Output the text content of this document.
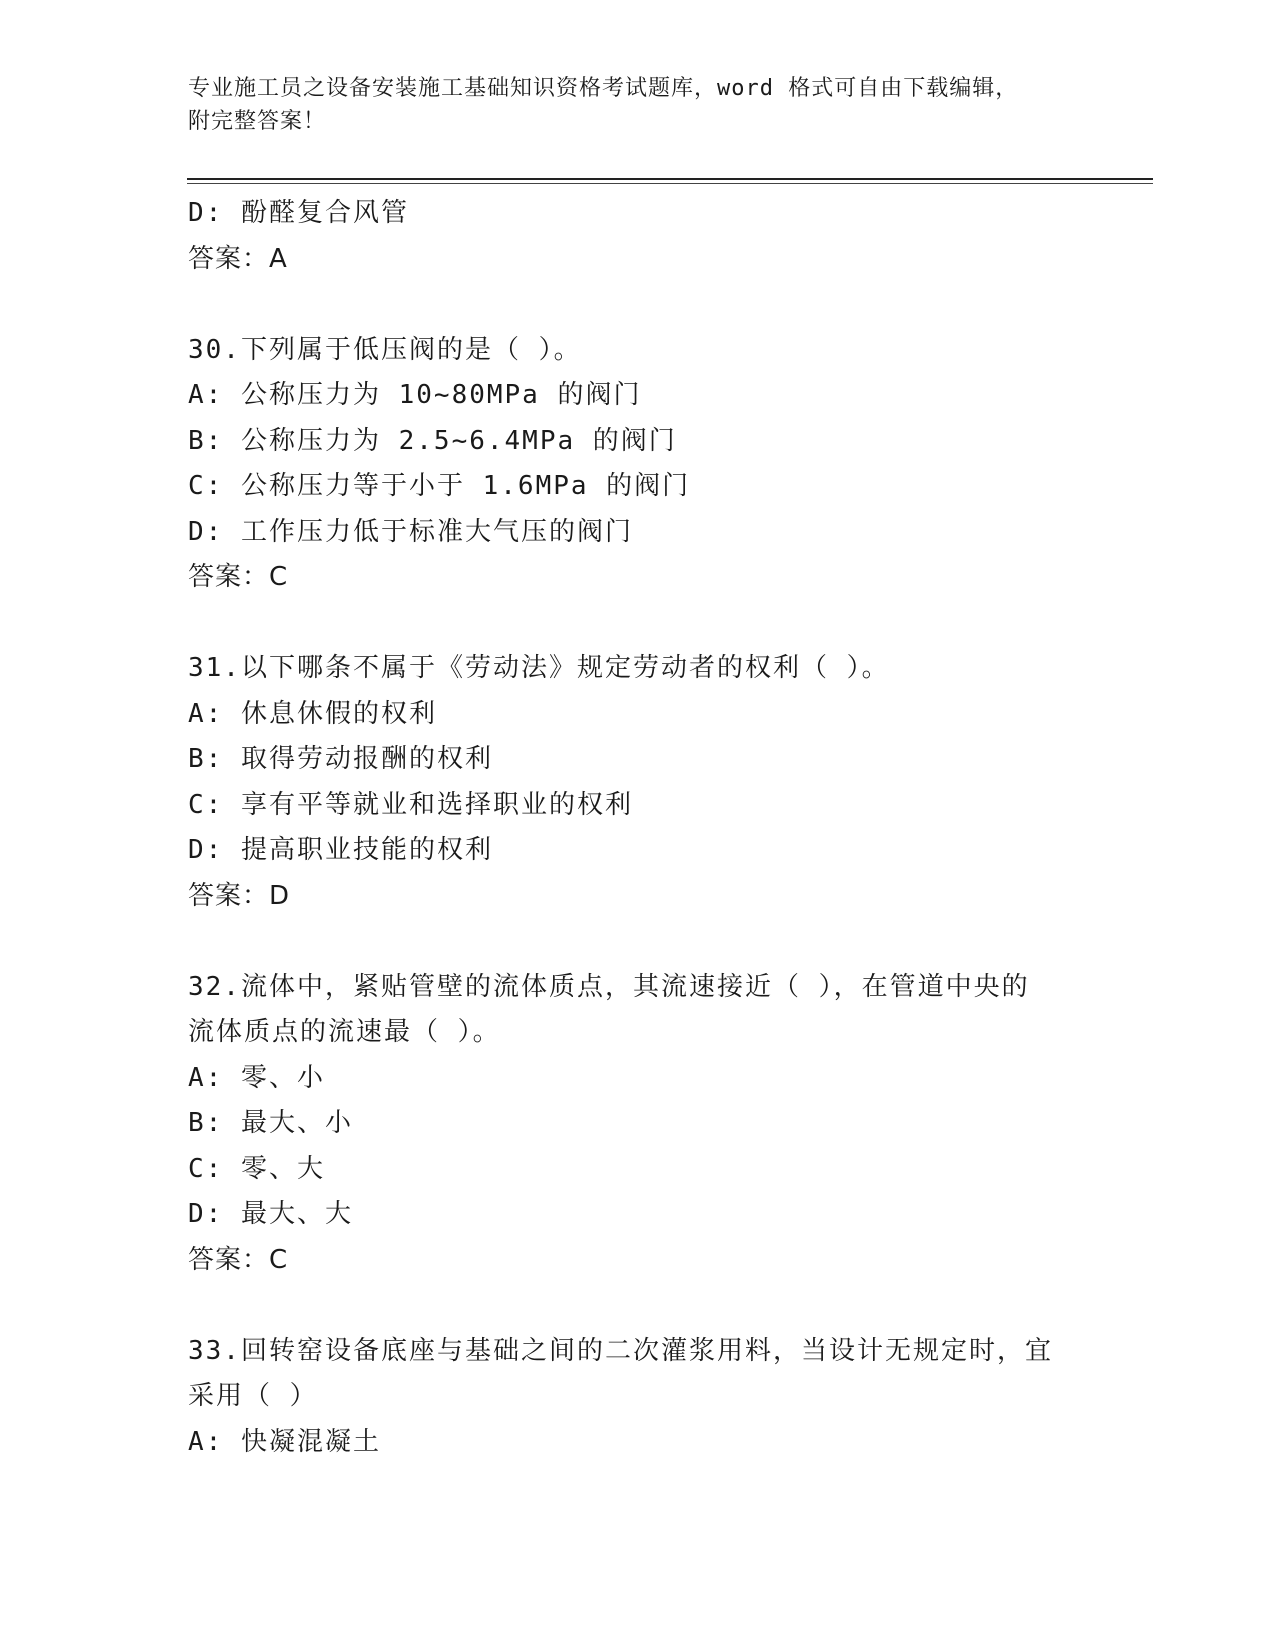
专业施工员之设备安装施工基础知识资格考试题库，word 格式可自由下载编辑，
附完整答案！
D: 酚醛复合风管
答案：A
30.下列属于低压阀的是（ ）。
A: 公称压力为 10~80MPa 的阀门
B: 公称压力为 2.5~6.4MPa 的阀门
C: 公称压力等于小于 1.6MPa 的阀门
D: 工作压力低于标准大气压的阀门
答案：C
31.以下哪条不属于《劳动法》规定劳动者的权利（ ）。
A: 休息休假的权利
B: 取得劳动报酬的权利
C: 享有平等就业和选择职业的权利
D: 提高职业技能的权利
答案：D
32.流体中，紧贴管壁的流体质点，其流速接近（ ），在管道中央的
流体质点的流速最（ ）。
A: 零、小
B: 最大、小
C: 零、大
D: 最大、大
答案：C
33.回转窑设备底座与基础之间的二次灌浆用料，当设计无规定时，宜
采用（ ）
A: 快凝混凝土
